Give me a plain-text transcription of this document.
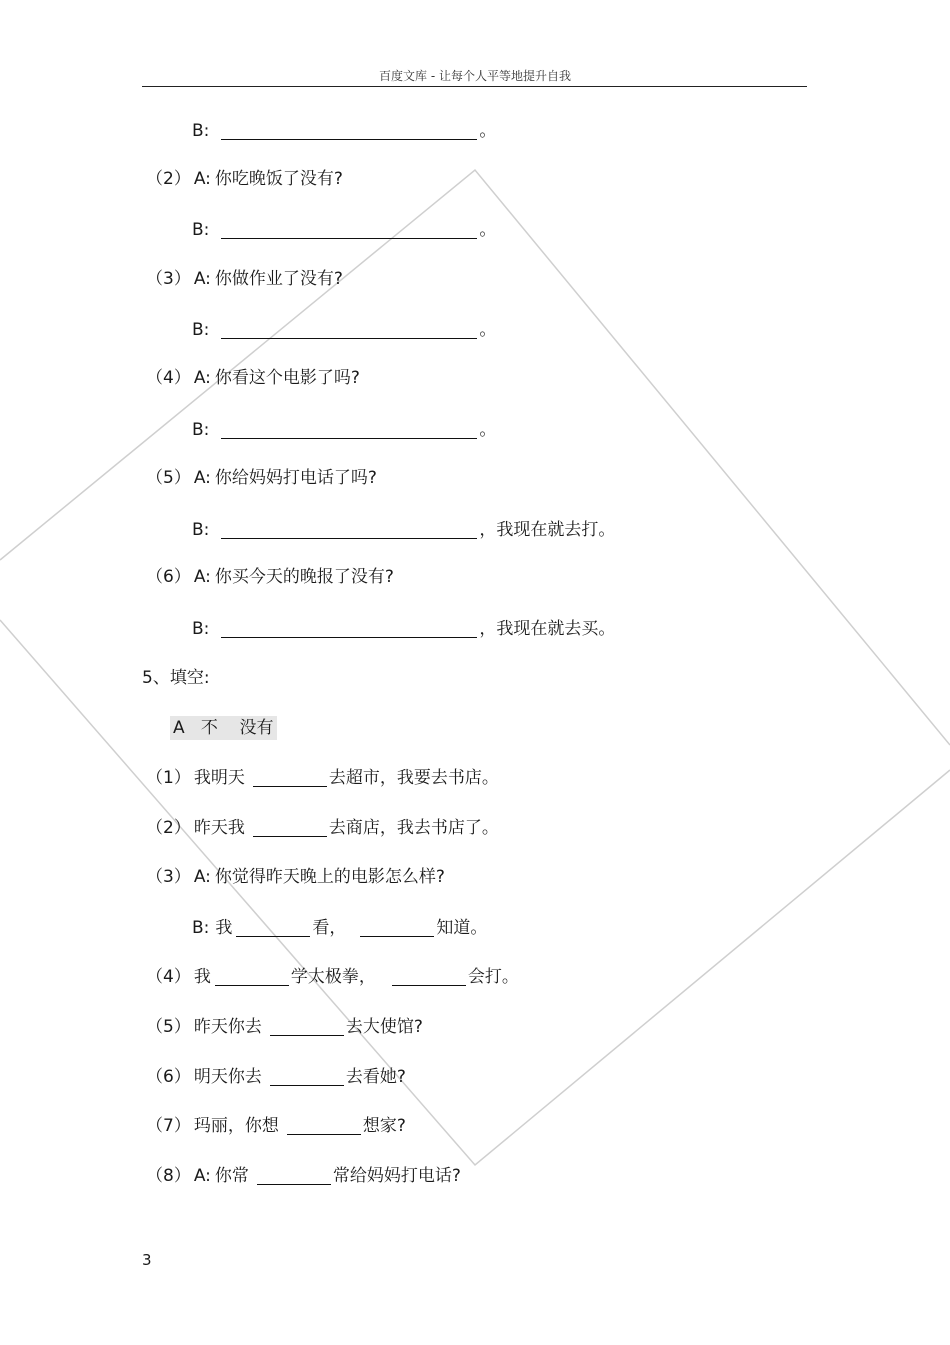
百度文库 - 让每个人平等地提升自我
B:	。
（2） A: 你吃晚饭了没有?
B:	。
（3） A: 你做作业了没有?
B:	。
（4） A: 你看这个电影了吗?
B:	。
（5） A: 你给妈妈打电话了吗?
B:	，我现在就去打。
（6） A: 你买今天的晚报了没有?
B:	，我现在就去买。
5、填空:
A   不    没有
（1） 我明天	去超市，我要去书店。
（2） 昨天我	去商店，我去书店了。
（3） A: 你觉得昨天晚上的电影怎么样?
B: 我	看，	知道。
（4） 我	学太极拳，	会打。
（5） 昨天你去	去大使馆?
（6） 明天你去	去看她?
（7） 玛丽，你想	想家?
（8） A: 你常	常给妈妈打电话?
3
